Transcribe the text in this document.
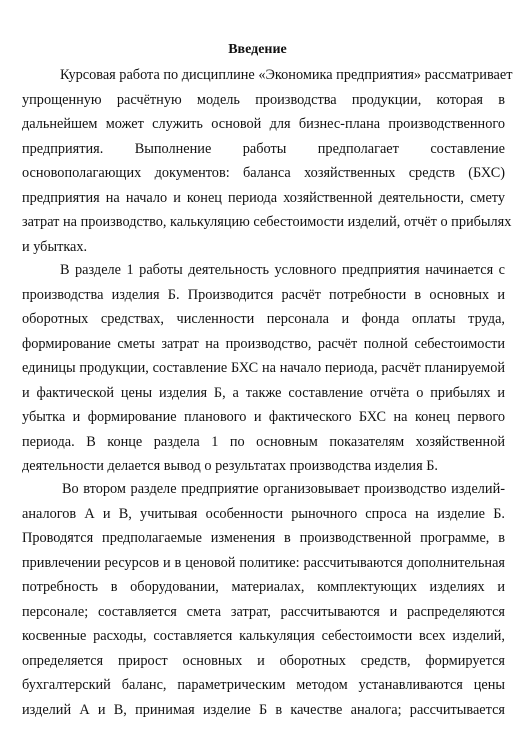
Введение
Курсовая работа по дисциплине «Экономика предприятия» рассматривает
упрощенную расчётную модель производства продукции, которая в
дальнейшем может служить основой для бизнес-плана производственного
предприятия. Выполнение работы предполагает составление
основополагающих документов: баланса хозяйственных средств (БХС)
предприятия на начало и конец периода хозяйственной деятельности, смету
затрат на производство, калькуляцию себестоимости изделий, отчёт о прибылях
и убытках.
В разделе 1 работы деятельность условного предприятия начинается с
производства изделия Б. Производится расчёт потребности в основных и
оборотных средствах, численности персонала и фонда оплаты труда,
формирование сметы затрат на производство, расчёт полной себестоимости
единицы продукции, составление БХС на начало периода, расчёт планируемой
и фактической цены изделия Б, а также составление отчёта о прибылях и
убытка и формирование планового и фактического БХС на конец первого
периода. В конце раздела 1 по основным показателям хозяйственной
деятельности делается вывод о результатах производства изделия Б.
Во втором разделе предприятие организовывает производство изделий-
аналогов А и В, учитывая особенности рыночного спроса на изделие Б.
Проводятся предполагаемые изменения в производственной программе, в
привлечении ресурсов и в ценовой политике: рассчитываются дополнительная
потребность в оборудовании, материалах, комплектующих изделиях и
персонале; составляется смета затрат, рассчитываются и распределяются
косвенные расходы, составляется калькуляция себестоимости всех изделий,
определяется прирост основных и оборотных средств, формируется
бухгалтерский баланс, параметрическим методом устанавливаются цены
изделий А и В, принимая изделие Б в качестве аналога; рассчитывается
